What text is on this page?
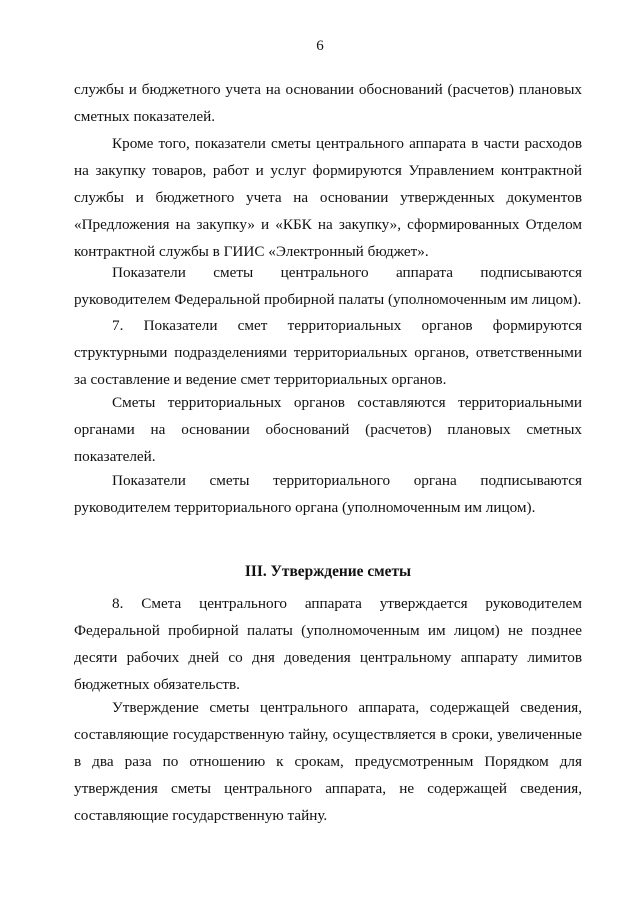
6

службы и бюджетного учета на основании обоснований (расчетов) плановых сметных показателей.

Кроме того, показатели сметы центрального аппарата в части расходов на закупку товаров, работ и услуг формируются Управлением контрактной службы и бюджетного учета на основании утвержденных документов «Предложения на закупку» и «КБК на закупку», сформированных Отделом контрактной службы в ГИИС «Электронный бюджет».

Показатели сметы центрального аппарата подписываются руководителем Федеральной пробирной палаты (уполномоченным им лицом).

7. Показатели смет территориальных органов формируются структурными подразделениями территориальных органов, ответственными за составление и ведение смет территориальных органов.

Сметы территориальных органов составляются территориальными органами на основании обоснований (расчетов) плановых сметных показателей.

Показатели сметы территориального органа подписываются руководителем территориального органа (уполномоченным им лицом).

III. Утверждение сметы

8. Смета центрального аппарата утверждается руководителем Федеральной пробирной палаты (уполномоченным им лицом) не позднее десяти рабочих дней со дня доведения центральному аппарату лимитов бюджетных обязательств.

Утверждение сметы центрального аппарата, содержащей сведения, составляющие государственную тайну, осуществляется в сроки, увеличенные в два раза по отношению к срокам, предусмотренным Порядком для утверждения сметы центрального аппарата, не содержащей сведения, составляющие государственную тайну.
